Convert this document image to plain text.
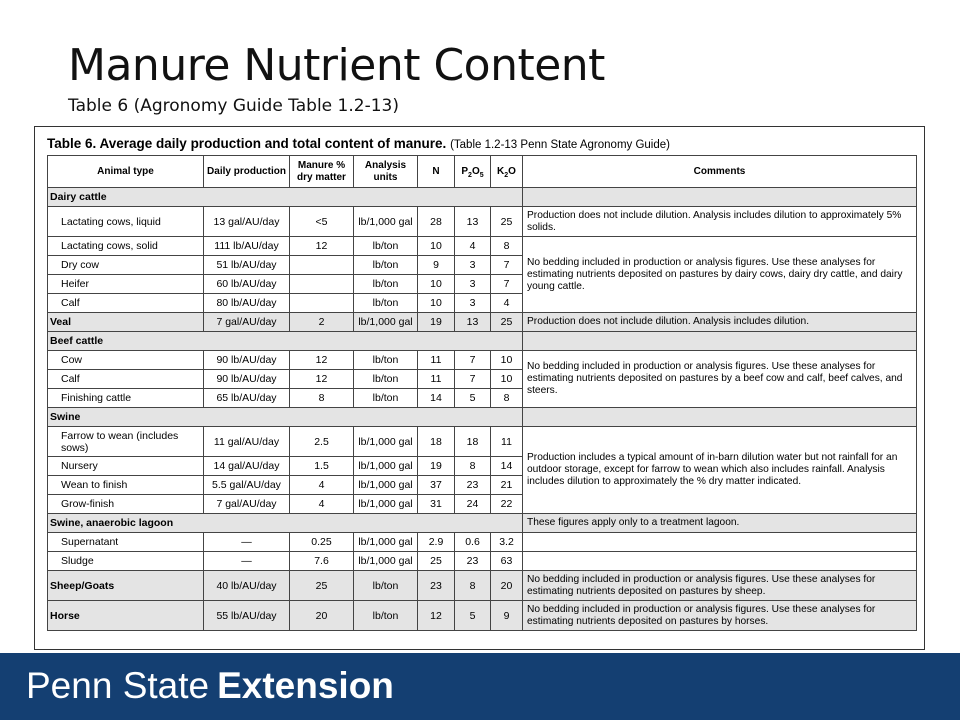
Manure Nutrient Content
Table 6 (Agronomy Guide Table 1.2-13)
Table 6. Average daily production and total content of manure. (Table 1.2-13 Penn State Agronomy Guide)
Animal type	Daily production	Manure % dry matter	Analysis units	N	$P_2O_5$	$K_2O$	Comments
Dairy cattle							
Lactating cows, liquid	13 gal/AU/day	<5	lb/1,000 gal	28	13	25	Production does not include dilution. Analysis includes dilution to approximately 5% solids.
Lactating cows, solid	111 lb/AU/day	12	lb/ton	10	4	8	No bedding included in production or analysis figures. Use these analyses for estimating nutrients deposited on pastures by dairy cows, dairy dry cattle, and dairy young cattle.
Dry cow	51 lb/AU/day		lb/ton	9	3	7	
Heifer	60 lb/AU/day		lb/ton	10	3	7	
Calf	80 lb/AU/day		lb/ton	10	3	4	
Veal	7 gal/AU/day	2	lb/1,000 gal	19	13	25	Production does not include dilution. Analysis includes dilution.
Beef cattle							
Cow	90 lb/AU/day	12	lb/ton	11	7	10	No bedding included in production or analysis figures. Use these analyses for estimating nutrients deposited on pastures by a beef cow and calf, beef calves, and steers.
Calf	90 lb/AU/day	12	lb/ton	11	7	10	
Finishing cattle	65 lb/AU/day	8	lb/ton	14	5	8	
Swine							
Farrow to wean (includes sows)	11 gal/AU/day	2.5	lb/1,000 gal	18	18	11	Production includes a typical amount of in-barn dilution water but not rainfall for an outdoor storage, except for farrow to wean which also includes rainfall. Analysis includes dilution to approximately the % dry matter indicated.
Nursery	14 gal/AU/day	1.5	lb/1,000 gal	19	8	14	
Wean to finish	5.5 gal/AU/day	4	lb/1,000 gal	37	23	21	
Grow-finish	7 gal/AU/day	4	lb/1,000 gal	31	24	22	
Swine, anaerobic lagoon							These figures apply only to a treatment lagoon.
Supernatant	—	0.25	lb/1,000 gal	2.9	0.6	3.2	
Sludge	—	7.6	lb/1,000 gal	25	23	63	
Sheep/Goats	40 lb/AU/day	25	lb/ton	23	8	20	No bedding included in production or analysis figures. Use these analyses for estimating nutrients deposited on pastures by sheep.
Horse	55 lb/AU/day	20	lb/ton	12	5	9	No bedding included in production or analysis figures. Use these analyses for estimating nutrients deposited on pastures by horses.
Penn State Extension
